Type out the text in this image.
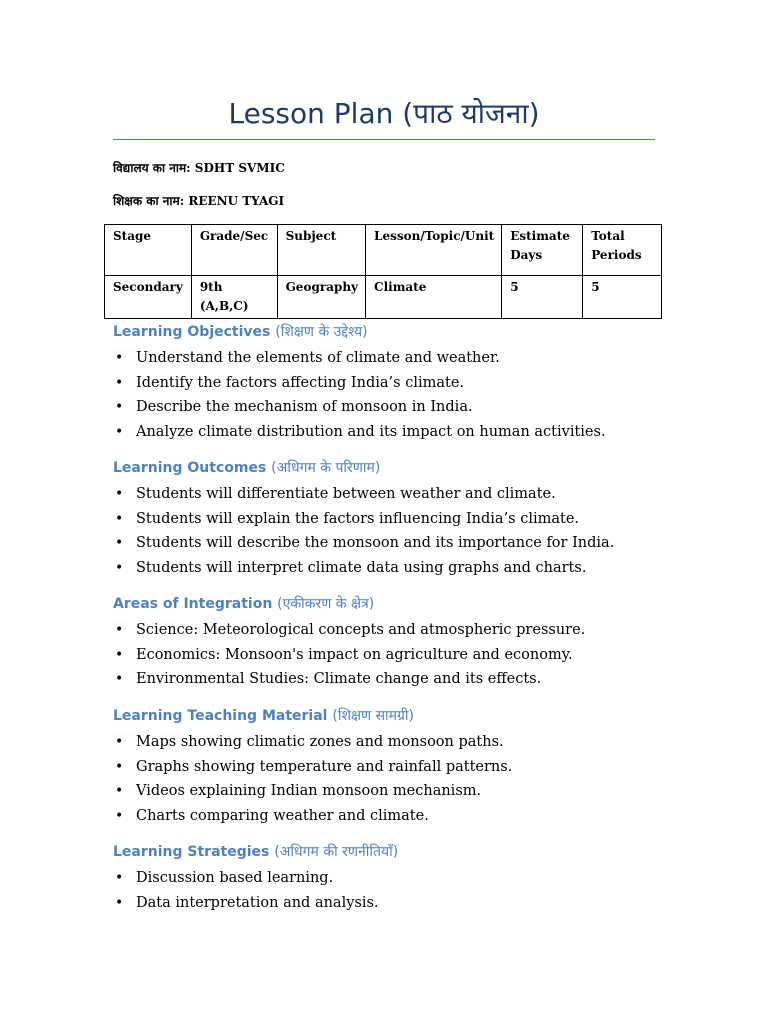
Lesson Plan (पाठ योजना)
विद्यालय का नाम: SDHT SVMIC
शिक्षक का नाम: REENU TYAGI
Stage	Grade/Sec	Subject	Lesson/Topic/Unit	Estimate Days	Total Periods
Secondary	9th (A,B,C)	Geography	Climate	5	5
Learning Objectives (शिक्षण के उद्देश्य)
• Understand the elements of climate and weather.
• Identify the factors affecting India’s climate.
• Describe the mechanism of monsoon in India.
• Analyze climate distribution and its impact on human activities.
Learning Outcomes (अधिगम के परिणाम)
• Students will differentiate between weather and climate.
• Students will explain the factors influencing India’s climate.
• Students will describe the monsoon and its importance for India.
• Students will interpret climate data using graphs and charts.
Areas of Integration (एकीकरण के क्षेत्र)
• Science: Meteorological concepts and atmospheric pressure.
• Economics: Monsoon's impact on agriculture and economy.
• Environmental Studies: Climate change and its effects.
Learning Teaching Material (शिक्षण सामग्री)
• Maps showing climatic zones and monsoon paths.
• Graphs showing temperature and rainfall patterns.
• Videos explaining Indian monsoon mechanism.
• Charts comparing weather and climate.
Learning Strategies (अधिगम की रणनीतियाँ)
• Discussion based learning.
• Data interpretation and analysis.
